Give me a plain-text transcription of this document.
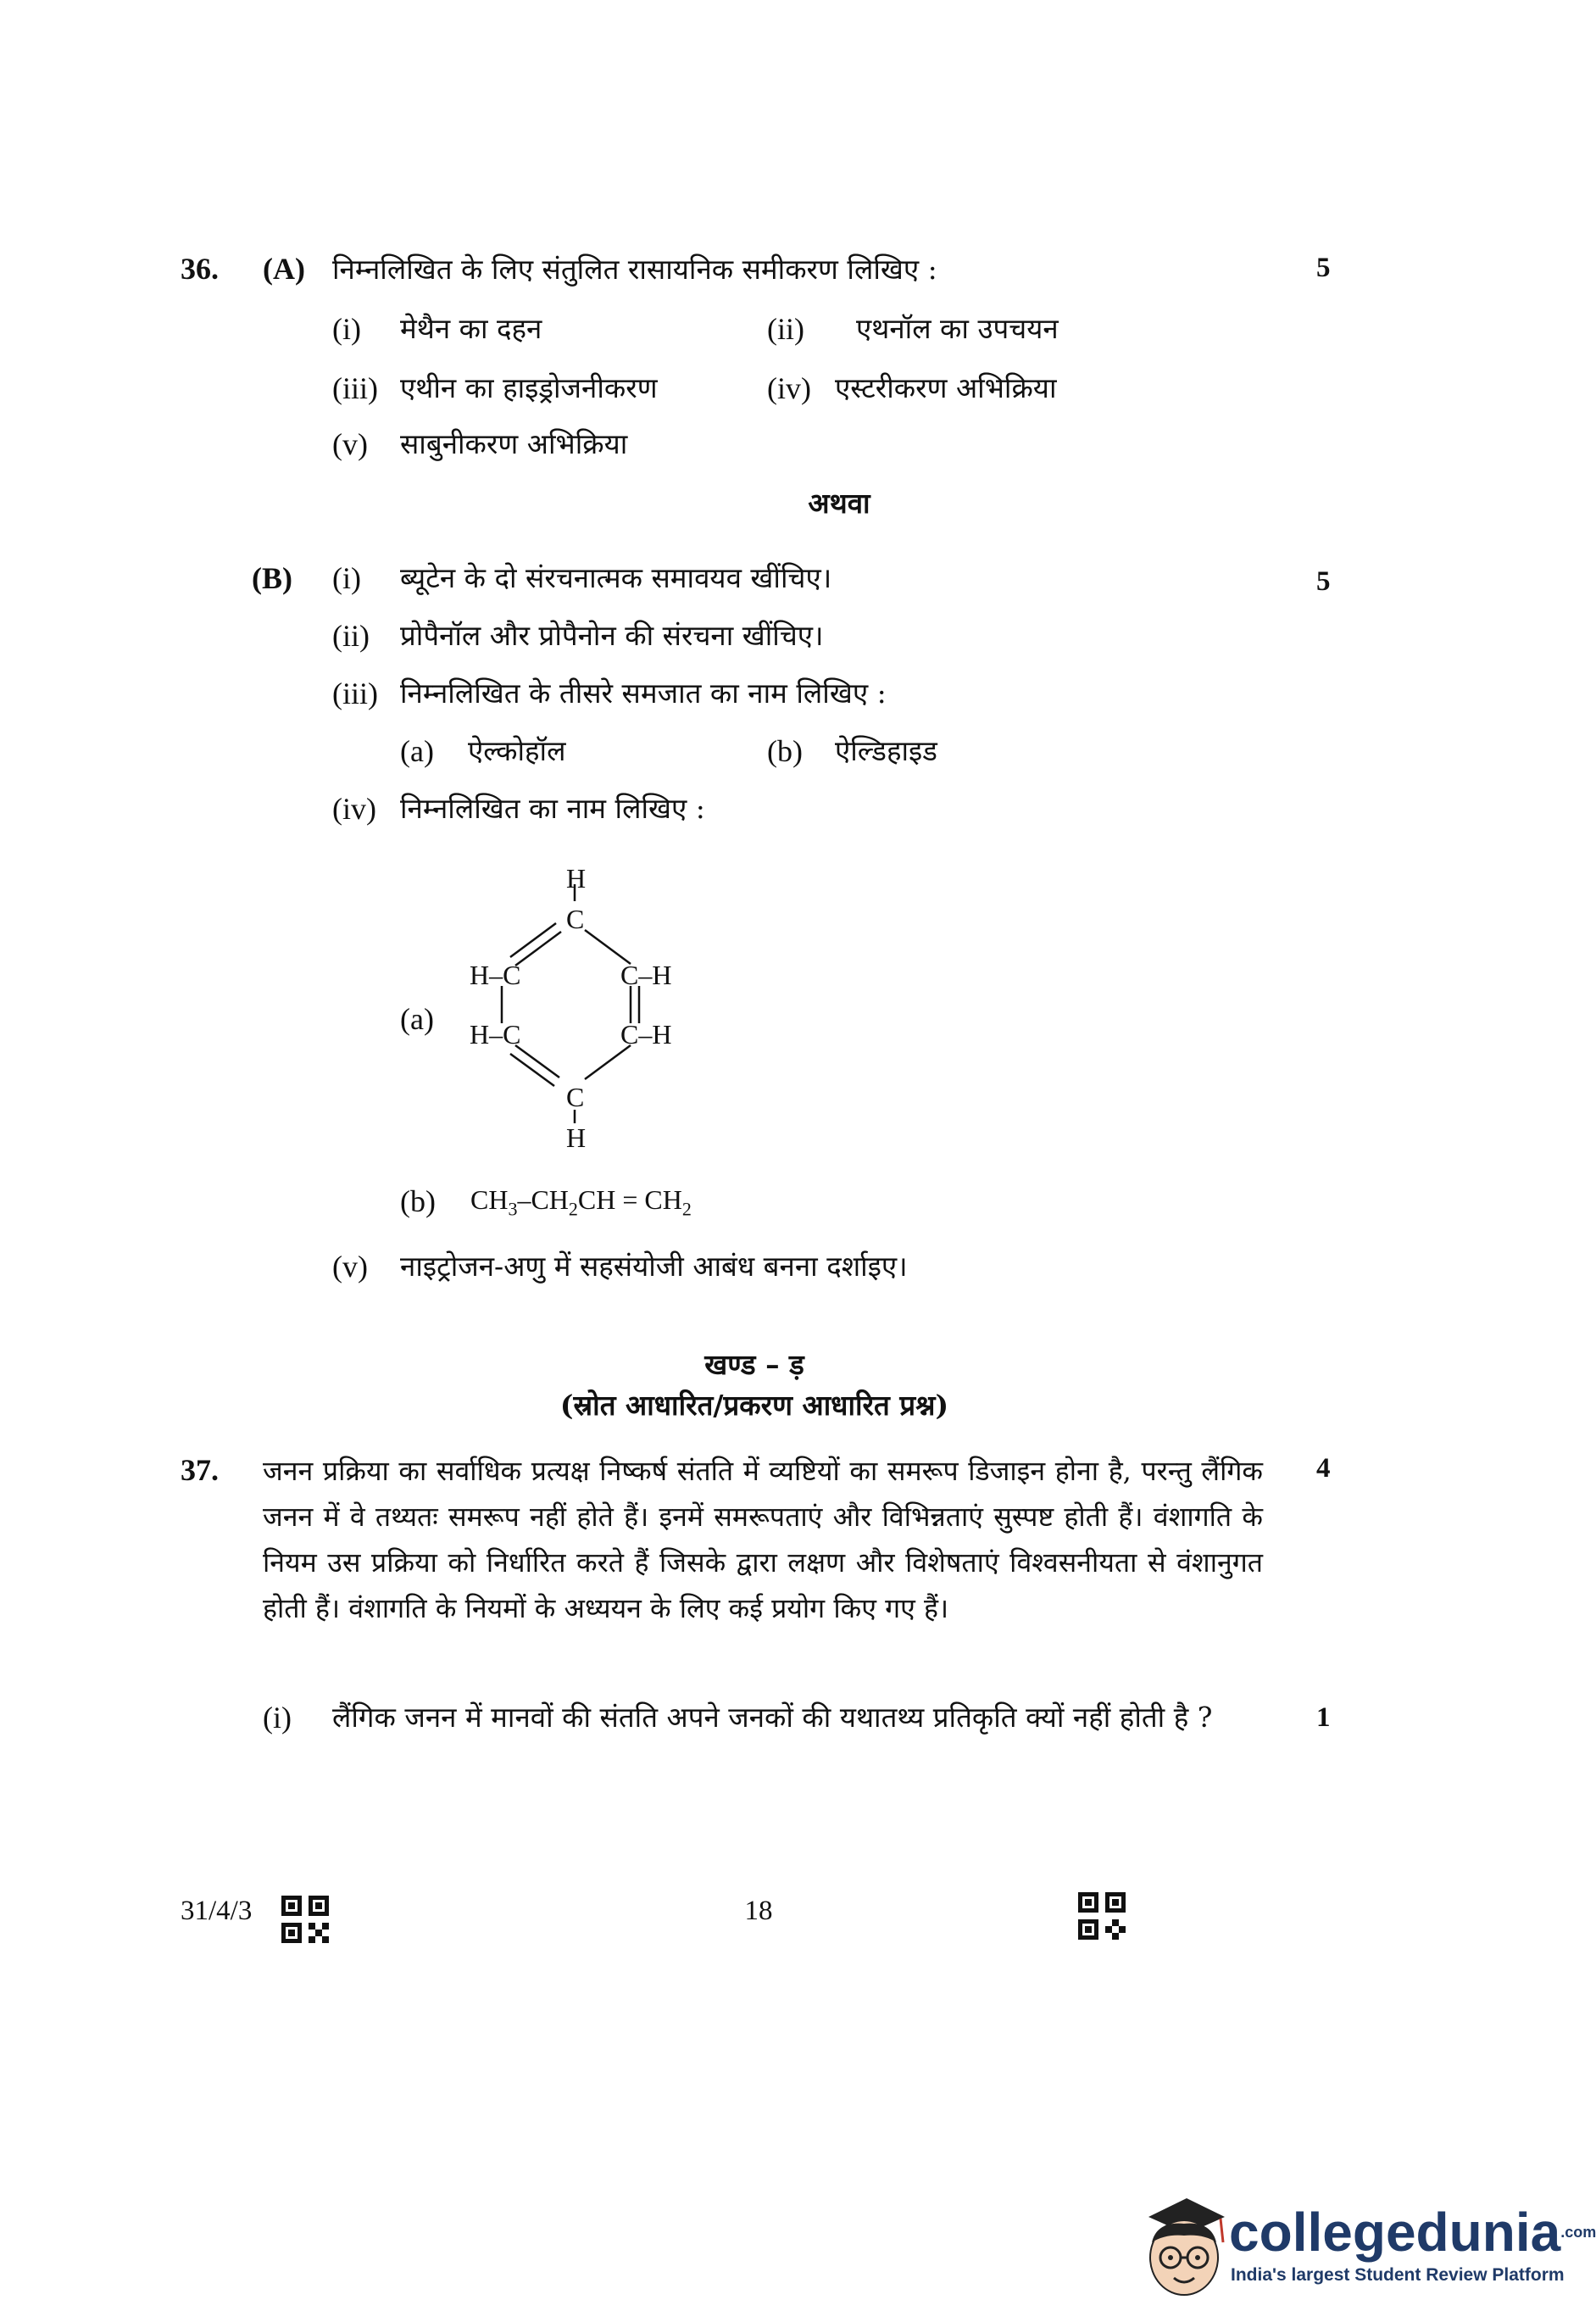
36. (A) निम्नलिखित के लिए संतुलित रासायनिक समीकरण लिखिए :	5
(i) मेथैन का दहन	(ii) एथनॉल का उपचयन
(iii) एथीन का हाइड्रोजनीकरण	(iv) एस्टरीकरण अभिक्रिया
(v) साबुनीकरण अभिक्रिया
अथवा
(B) (i) ब्यूटेन के दो संरचनात्मक समावयव खींचिए।	5
(ii) प्रोपैनॉल और प्रोपैनोन की संरचना खींचिए।
(iii) निम्नलिखित के तीसरे समजात का नाम लिखिए :
(a) ऐल्कोहॉल	(b) ऐल्डिहाइड
(iv) निम्नलिखित का नाम लिखिए :
(a)
H
C
H–C	C–H
H–C	C–H
C
H
(b) $CH_3-CH_2CH = CH_2$
(v) नाइट्रोजन-अणु में सहसंयोजी आबंध बनना दर्शाइए।
खण्ड – ड़
(स्रोत आधारित/प्रकरण आधारित प्रश्न)
37.	4
जनन प्रक्रिया का सर्वाधिक प्रत्यक्ष निष्कर्ष संतति में व्यष्टियों का समरूप डिजाइन होना है, परन्तु लैंगिक जनन में वे तथ्यतः समरूप नहीं होते हैं। इनमें समरूपताएं और विभिन्नताएं सुस्पष्ट होती हैं। वंशागति के नियम उस प्रक्रिया को निर्धारित करते हैं जिसके द्वारा लक्षण और विशेषताएं विश्वसनीयता से वंशानुगत होती हैं। वंशागति के नियमों के अध्ययन के लिए कई प्रयोग किए गए हैं।
(i) लैंगिक जनन में मानवों की संतति अपने जनकों की यथातथ्य प्रतिकृति क्यों नहीं होती है ?	1
31/4/3	18
collegedunia$^{.com}$
India's largest Student Review Platform
